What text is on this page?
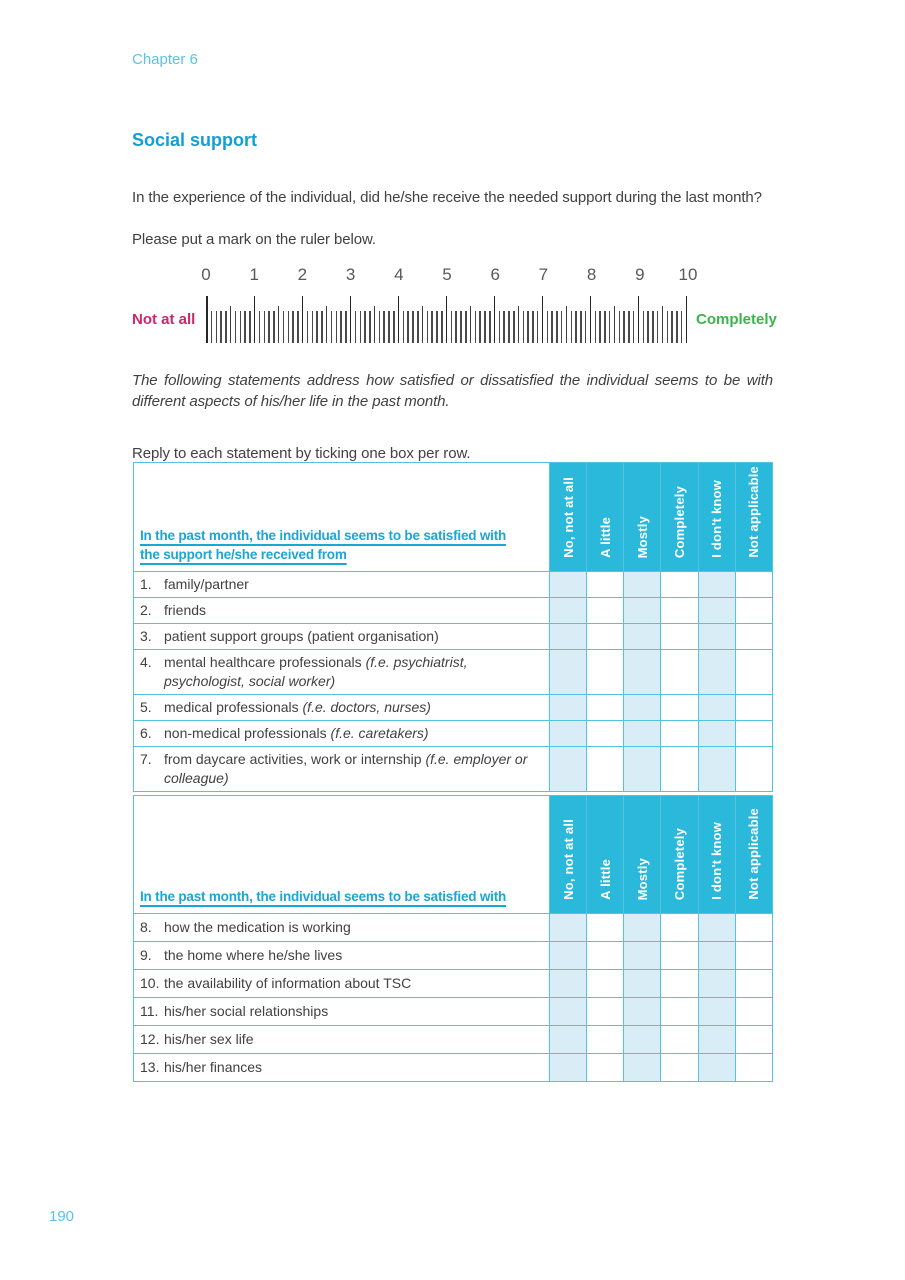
Chapter 6
Social support
In the experience of the individual, did he/she receive the needed support during the last month?
Please put a mark on the ruler below.
0 1 2 3 4 5 6 7 8 9 10
Not at all	Completely
The following statements address how satisfied or dissatisfied the individual seems to be with different aspects of his/her life in the past month.
Reply to each statement by ticking one box per row.
In the past month, the individual seems to be satisfied with
the support he/she received from	No, not at all	A little	Mostly	Completely	I don't know	Not applicable

1. family/partner						

2. friends						

3. patient support groups (patient organisation)						

4. mental healthcare professionals (f.e. psychiatrist, psychologist, social worker)						

5. medical professionals (f.e. doctors, nurses)						

6. non-medical professionals (f.e. caretakers)						

7. from daycare activities, work or internship (f.e. employer or colleague)						

In the past month, the individual seems to be satisfied with	No, not at all	A little	Mostly	Completely	I don't know	Not applicable

8. how the medication is working						

9. the home where he/she lives						

10. the availability of information about TSC						

11. his/her social relationships						

12. his/her sex life						

13. his/her finances						

190
